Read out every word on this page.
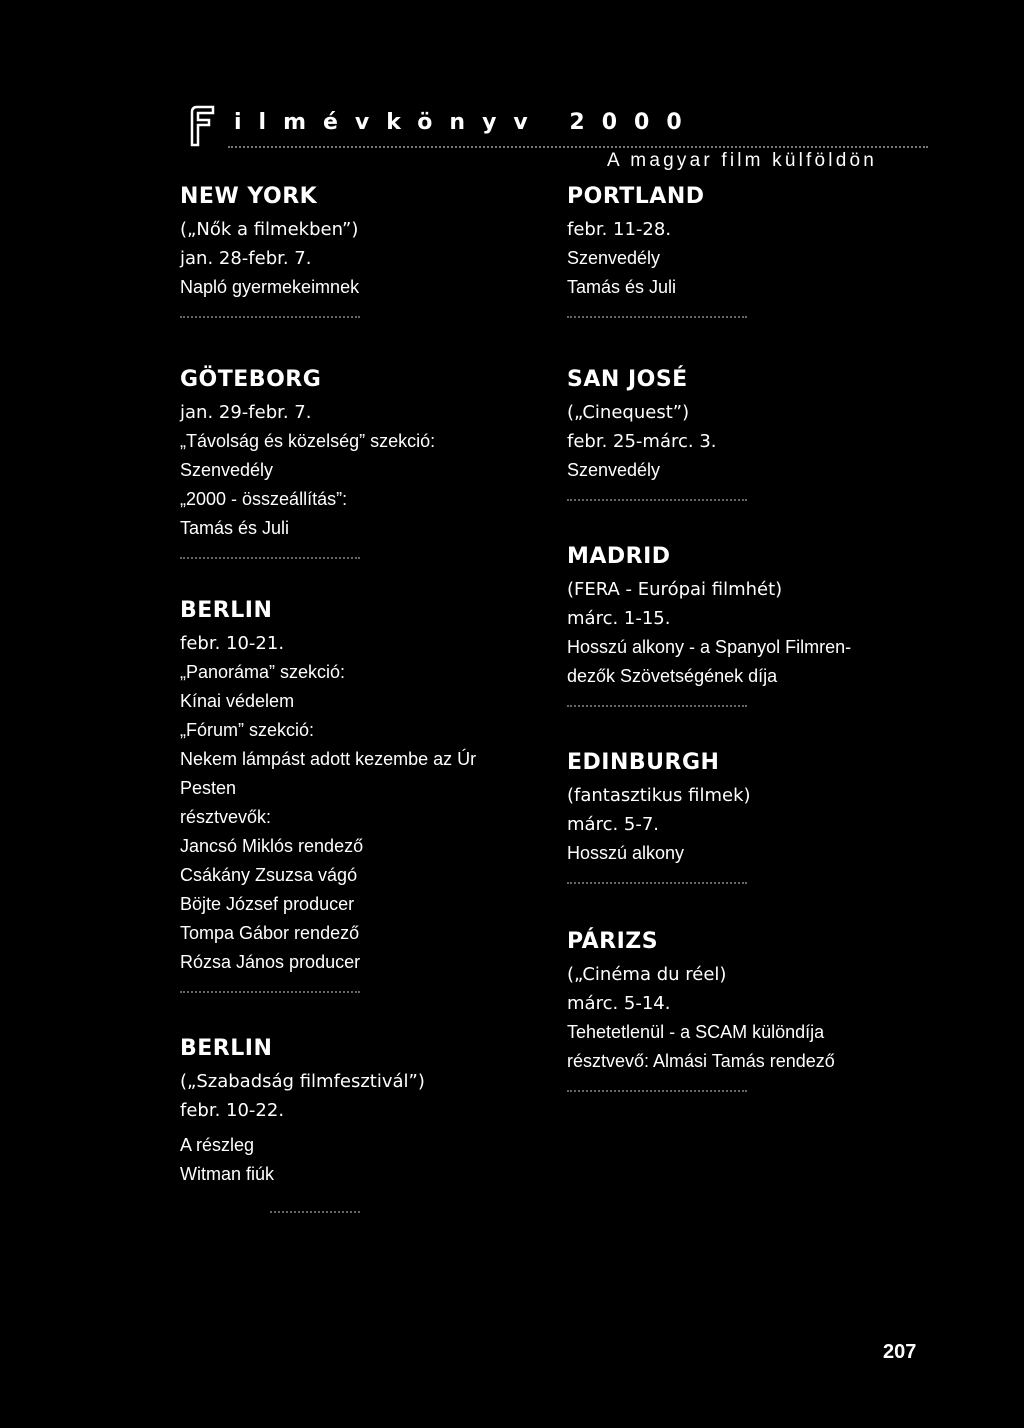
ilmévkönyv 2000
A magyar film külföldön
NEW YORK
(„Nők a filmekben”)
jan. 28-febr. 7.
Napló gyermekeimnek
GÖTEBORG
jan. 29-febr. 7.
„Távolság és közelség” szekció:
Szenvedély
„2000 - összeállítás”:
Tamás és Juli
BERLIN
febr. 10-21.
„Panoráma” szekció:
Kínai védelem
„Fórum” szekció:
Nekem lámpást adott kezembe az Úr
Pesten
résztvevők:
Jancsó Miklós rendező
Csákány Zsuzsa vágó
Böjte József producer
Tompa Gábor rendező
Rózsa János producer
BERLIN
(„Szabadság filmfesztivál”)
febr. 10-22.
A részleg
Witman fiúk
PORTLAND
febr. 11-28.
Szenvedély
Tamás és Juli
SAN JOSÉ
(„Cinequest”)
febr. 25-márc. 3.
Szenvedély
MADRID
(FERA - Európai filmhét)
márc. 1-15.
Hosszú alkony - a Spanyol Filmren-
dezők Szövetségének díja
EDINBURGH
(fantasztikus filmek)
márc. 5-7.
Hosszú alkony
PÁRIZS
(„Cinéma du réel)
márc. 5-14.
Tehetetlenül - a SCAM különdíja
résztvevő: Almási Tamás rendező
207
